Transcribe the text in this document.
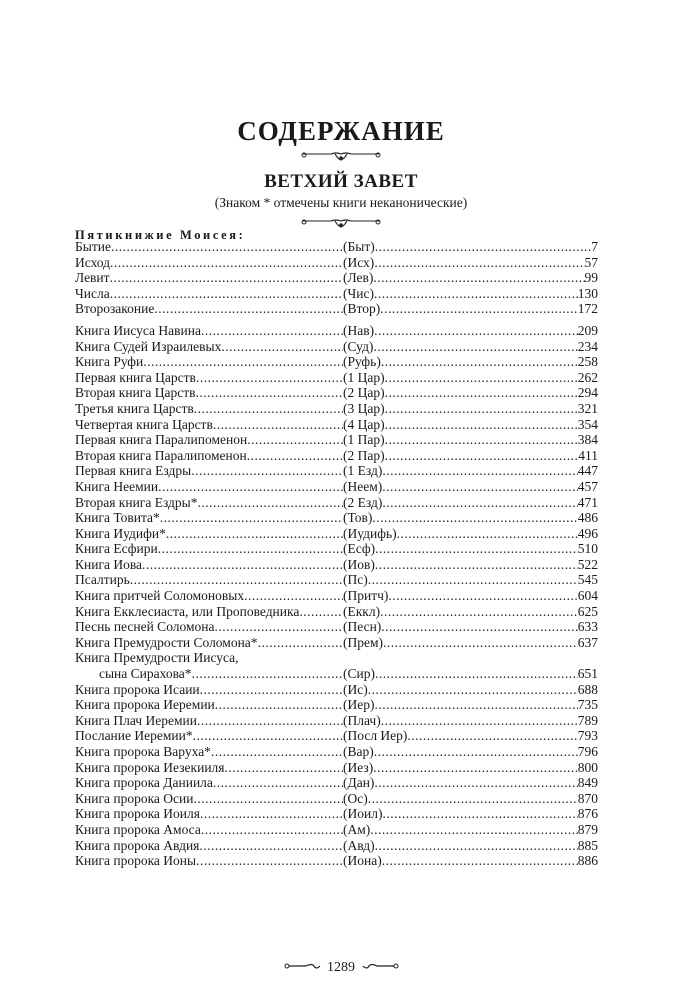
СОДЕРЖАНИЕ
ВЕТХИЙ ЗАВЕТ
(Знаком * отмечены книги неканонические)
Пятикнижие Моисея:
Бытие .....	(Быт) .....	7
Исход .....	(Исх) .....	57
Левит .....	(Лев) .....	99
Числа .....	(Чис) .....	130
Второзаконие .....	(Втор) .....	172
Книга Иисуса Навина .....	(Нав) .....	209
Книга Судей Израилевых .....	(Суд) .....	234
Книга Руфи .....	(Руфь) .....	258
Первая книга Царств .....	(1 Цар) .....	262
Вторая книга Царств .....	(2 Цар) .....	294
Третья книга Царств .....	(3 Цар) .....	321
Четвертая книга Царств .....	(4 Цар) .....	354
Первая книга Паралипоменон .....	(1 Пар) .....	384
Вторая книга Паралипоменон .....	(2 Пар) .....	411
Первая книга Ездры .....	(1 Езд) .....	447
Книга Неемии .....	(Неем) .....	457
Вторая книга Ездры* .....	(2 Езд) .....	471
Книга Товита* .....	(Тов) .....	486
Книга Иудифи* .....	(Иудифь) .....	496
Книга Есфири .....	(Есф) .....	510
Книга Иова .....	(Иов) .....	522
Псалтирь .....	(Пс) .....	545
Книга притчей Соломоновых .....	(Притч) .....	604
Книга Екклесиаста, или Проповедника .....	(Еккл) .....	625
Песнь песней Соломона .....	(Песн) .....	633
Книга Премудрости Соломона* .....	(Прем) .....	637
Книга Премудрости Иисуса,
сына Сирахова* .....	(Сир) .....	651
Книга пророка Исаии .....	(Ис) .....	688
Книга пророка Иеремии .....	(Иер) .....	735
Книга Плач Иеремии .....	(Плач) .....	789
Послание Иеремии* .....	(Посл Иер) .....	793
Книга пророка Варуха* .....	(Вар) .....	796
Книга пророка Иезекииля .....	(Иез) .....	800
Книга пророка Даниила .....	(Дан) .....	849
Книга пророка Осии .....	(Ос) .....	870
Книга пророка Иоиля .....	(Иоил) .....	876
Книга пророка Амоса .....	(Ам) .....	879
Книга пророка Авдия .....	(Авд) .....	885
Книга пророка Ионы .....	(Иона) .....	886
1289
